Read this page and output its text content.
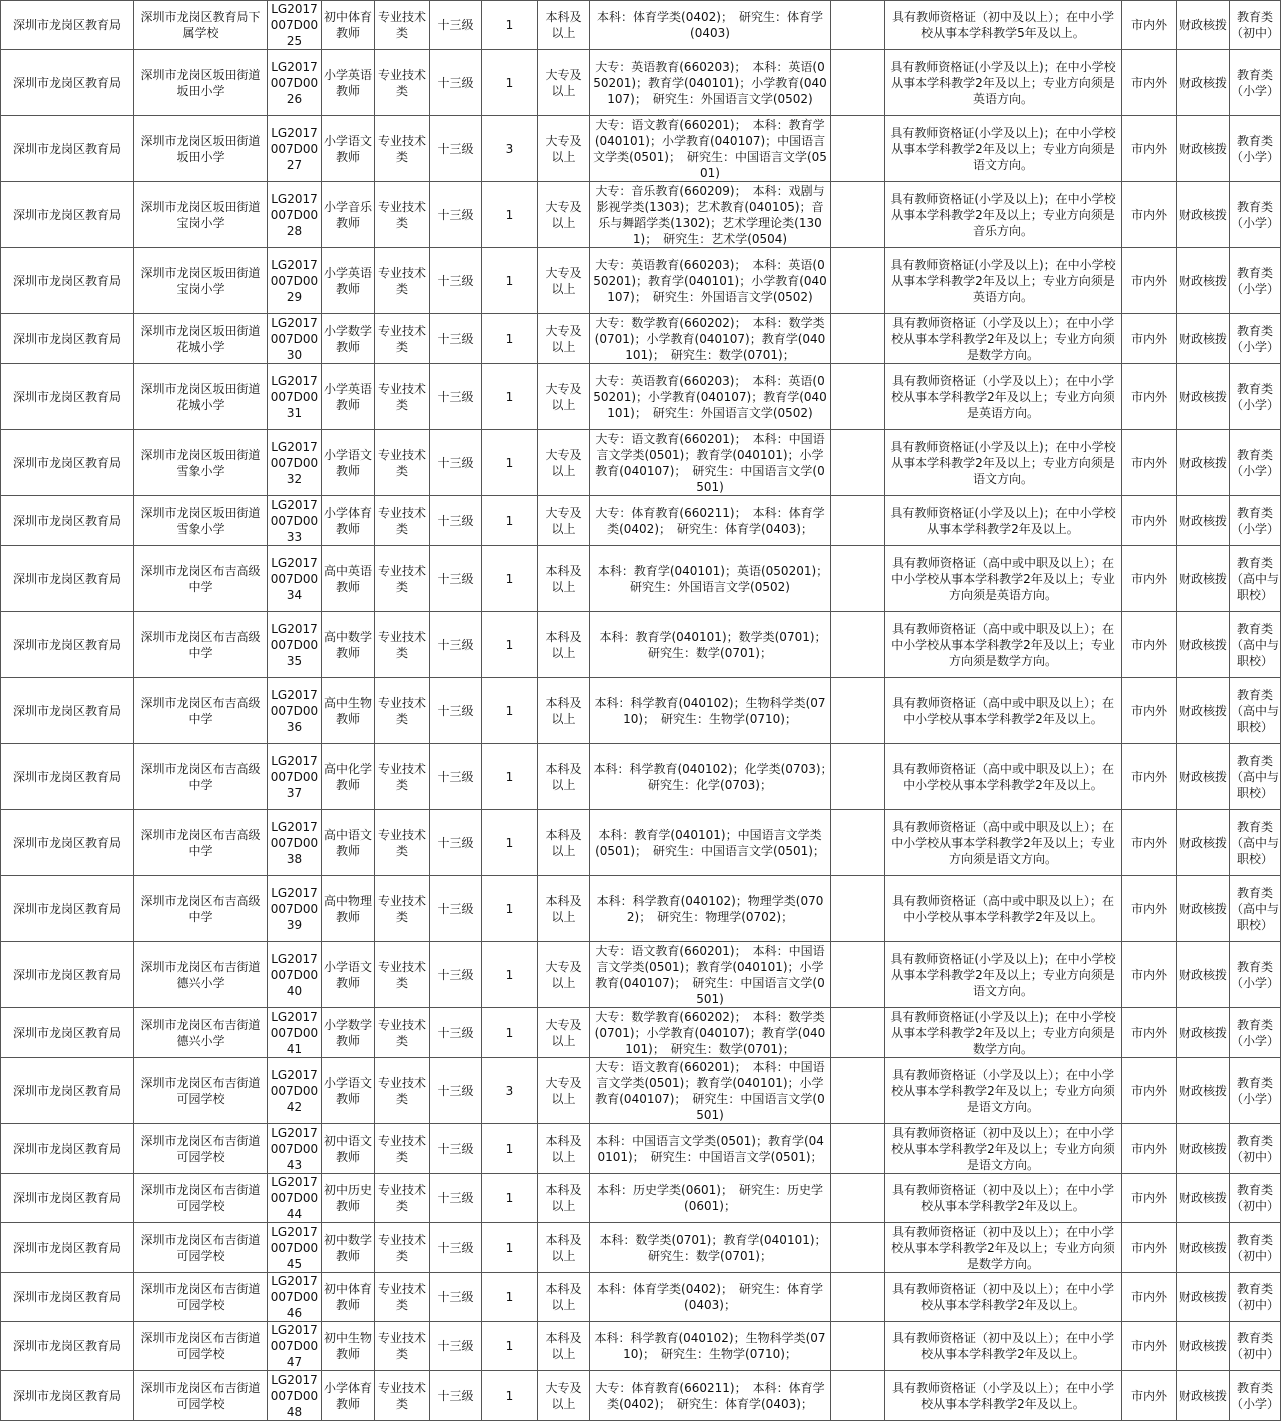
深圳市龙岗区教育局	深圳市龙岗区教育局下属学校	LG2017007D0025	初中体育教师	专业技术类	十三级	1	本科及以上	本科：体育学类(0402)；　研究生：体育学(0403)		具有教师资格证（初中及以上）；在中小学校从事本学科教学5年及以上。	市内外	财政核拨	教育类（初中）
深圳市龙岗区教育局	深圳市龙岗区坂田街道坂田小学	LG2017007D0026	小学英语教师	专业技术类	十三级	1	大专及以上	大专：英语教育(660203)；　本科：英语(050201)；教育学(040101)；小学教育(040107)；　研究生：外国语言文学(0502)		具有教师资格证(小学及以上)；在中小学校从事本学科教学2年及以上；专业方向须是英语方向。	市内外	财政核拨	教育类（小学）
深圳市龙岗区教育局	深圳市龙岗区坂田街道坂田小学	LG2017007D0027	小学语文教师	专业技术类	十三级	3	大专及以上	大专：语文教育(660201)；　本科：教育学(040101)；小学教育(040107)；中国语言文学类(0501)；　研究生：中国语言文学(0501)		具有教师资格证(小学及以上)；在中小学校从事本学科教学2年及以上；专业方向须是语文方向。	市内外	财政核拨	教育类（小学）
深圳市龙岗区教育局	深圳市龙岗区坂田街道宝岗小学	LG2017007D0028	小学音乐教师	专业技术类	十三级	1	大专及以上	大专：音乐教育(660209)；　本科：戏剧与影视学类(1303)；艺术教育(040105)；音乐与舞蹈学类(1302)；艺术学理论类(1301)；　研究生：艺术学(0504)		具有教师资格证(小学及以上)；在中小学校从事本学科教学2年及以上；专业方向须是音乐方向。	市内外	财政核拨	教育类（小学）
深圳市龙岗区教育局	深圳市龙岗区坂田街道宝岗小学	LG2017007D0029	小学英语教师	专业技术类	十三级	1	大专及以上	大专：英语教育(660203)；　本科：英语(050201)；教育学(040101)；小学教育(040107)；　研究生：外国语言文学(0502)		具有教师资格证(小学及以上)；在中小学校从事本学科教学2年及以上；专业方向须是英语方向。	市内外	财政核拨	教育类（小学）
深圳市龙岗区教育局	深圳市龙岗区坂田街道花城小学	LG2017007D0030	小学数学教师	专业技术类	十三级	1	大专及以上	大专：数学教育(660202)；　本科：数学类(0701)；小学教育(040107)；教育学(040101)；　研究生：数学(0701)；		具有教师资格证（小学及以上）；在中小学校从事本学科教学2年及以上；专业方向须是数学方向。	市内外	财政核拨	教育类（小学）
深圳市龙岗区教育局	深圳市龙岗区坂田街道花城小学	LG2017007D0031	小学英语教师	专业技术类	十三级	1	大专及以上	大专：英语教育(660203)；　本科：英语(050201)；小学教育(040107)；教育学(040101)；　研究生：外国语言文学(0502)		具有教师资格证（小学及以上）；在中小学校从事本学科教学2年及以上；专业方向须是英语方向。	市内外	财政核拨	教育类（小学）
深圳市龙岗区教育局	深圳市龙岗区坂田街道雪象小学	LG2017007D0032	小学语文教师	专业技术类	十三级	1	大专及以上	大专：语文教育(660201)；　本科：中国语言文学类(0501)；教育学(040101)；小学教育(040107)；　研究生：中国语言文学(0501)		具有教师资格证(小学及以上)；在中小学校从事本学科教学2年及以上；专业方向须是语文方向。	市内外	财政核拨	教育类（小学）
深圳市龙岗区教育局	深圳市龙岗区坂田街道雪象小学	LG2017007D0033	小学体育教师	专业技术类	十三级	1	大专及以上	大专：体育教育(660211)；　本科：体育学类(0402)；　研究生：体育学(0403)；		具有教师资格证(小学及以上)；在中小学校从事本学科教学2年及以上。	市内外	财政核拨	教育类（小学）
深圳市龙岗区教育局	深圳市龙岗区布吉高级中学	LG2017007D0034	高中英语教师	专业技术类	十三级	1	本科及以上	本科：教育学(040101)；英语(050201)；　研究生：外国语言文学(0502)		具有教师资格证（高中或中职及以上）；在中小学校从事本学科教学2年及以上；专业方向须是英语方向。	市内外	财政核拨	教育类（高中与职校）
深圳市龙岗区教育局	深圳市龙岗区布吉高级中学	LG2017007D0035	高中数学教师	专业技术类	十三级	1	本科及以上	本科：教育学(040101)；数学类(0701)；　研究生：数学(0701)；		具有教师资格证（高中或中职及以上）；在中小学校从事本学科教学2年及以上；专业方向须是数学方向。	市内外	财政核拨	教育类（高中与职校）
深圳市龙岗区教育局	深圳市龙岗区布吉高级中学	LG2017007D0036	高中生物教师	专业技术类	十三级	1	本科及以上	本科：科学教育(040102)；生物科学类(0710)；　研究生：生物学(0710)；		具有教师资格证（高中或中职及以上）；在中小学校从事本学科教学2年及以上。	市内外	财政核拨	教育类（高中与职校）
深圳市龙岗区教育局	深圳市龙岗区布吉高级中学	LG2017007D0037	高中化学教师	专业技术类	十三级	1	本科及以上	本科：科学教育(040102)；化学类(0703)；　研究生：化学(0703)；		具有教师资格证（高中或中职及以上）；在中小学校从事本学科教学2年及以上。	市内外	财政核拨	教育类（高中与职校）
深圳市龙岗区教育局	深圳市龙岗区布吉高级中学	LG2017007D0038	高中语文教师	专业技术类	十三级	1	本科及以上	本科：教育学(040101)；中国语言文学类(0501)；　研究生：中国语言文学(0501)；		具有教师资格证（高中或中职及以上）；在中小学校从事本学科教学2年及以上；专业方向须是语文方向。	市内外	财政核拨	教育类（高中与职校）
深圳市龙岗区教育局	深圳市龙岗区布吉高级中学	LG2017007D0039	高中物理教师	专业技术类	十三级	1	本科及以上	本科：科学教育(040102)；物理学类(0702)；　研究生：物理学(0702)；		具有教师资格证（高中或中职及以上）；在中小学校从事本学科教学2年及以上。	市内外	财政核拨	教育类（高中与职校）
深圳市龙岗区教育局	深圳市龙岗区布吉街道德兴小学	LG2017007D0040	小学语文教师	专业技术类	十三级	1	大专及以上	大专：语文教育(660201)；　本科：中国语言文学类(0501)；教育学(040101)；小学教育(040107)；　研究生：中国语言文学(0501)		具有教师资格证(小学及以上)；在中小学校从事本学科教学2年及以上；专业方向须是语文方向。	市内外	财政核拨	教育类（小学）
深圳市龙岗区教育局	深圳市龙岗区布吉街道德兴小学	LG2017007D0041	小学数学教师	专业技术类	十三级	1	大专及以上	大专：数学教育(660202)；　本科：数学类(0701)；小学教育(040107)；教育学(040101)；　研究生：数学(0701)；		具有教师资格证(小学及以上)；在中小学校从事本学科教学2年及以上；专业方向须是数学方向。	市内外	财政核拨	教育类（小学）
深圳市龙岗区教育局	深圳市龙岗区布吉街道可园学校	LG2017007D0042	小学语文教师	专业技术类	十三级	3	大专及以上	大专：语文教育(660201)；　本科：中国语言文学类(0501)；教育学(040101)；小学教育(040107)；　研究生：中国语言文学(0501)		具有教师资格证（小学及以上）；在中小学校从事本学科教学2年及以上；专业方向须是语文方向。	市内外	财政核拨	教育类（小学）
深圳市龙岗区教育局	深圳市龙岗区布吉街道可园学校	LG2017007D0043	初中语文教师	专业技术类	十三级	1	本科及以上	本科：中国语言文学类(0501)；教育学(040101)；　研究生：中国语言文学(0501)；		具有教师资格证（初中及以上）；在中小学校从事本学科教学2年及以上；专业方向须是语文方向。	市内外	财政核拨	教育类（初中）
深圳市龙岗区教育局	深圳市龙岗区布吉街道可园学校	LG2017007D0044	初中历史教师	专业技术类	十三级	1	本科及以上	本科：历史学类(0601)；　研究生：历史学(0601)；		具有教师资格证（初中及以上）；在中小学校从事本学科教学2年及以上。	市内外	财政核拨	教育类（初中）
深圳市龙岗区教育局	深圳市龙岗区布吉街道可园学校	LG2017007D0045	初中数学教师	专业技术类	十三级	1	本科及以上	本科：数学类(0701)；教育学(040101)；　研究生：数学(0701)；		具有教师资格证（初中及以上）；在中小学校从事本学科教学2年及以上；专业方向须是数学方向。	市内外	财政核拨	教育类（初中）
深圳市龙岗区教育局	深圳市龙岗区布吉街道可园学校	LG2017007D0046	初中体育教师	专业技术类	十三级	1	本科及以上	本科：体育学类(0402)；　研究生：体育学(0403)；		具有教师资格证（初中及以上）；在中小学校从事本学科教学2年及以上。	市内外	财政核拨	教育类（初中）
深圳市龙岗区教育局	深圳市龙岗区布吉街道可园学校	LG2017007D0047	初中生物教师	专业技术类	十三级	1	本科及以上	本科：科学教育(040102)；生物科学类(0710)；　研究生：生物学(0710)；		具有教师资格证（初中及以上）；在中小学校从事本学科教学2年及以上。	市内外	财政核拨	教育类（初中）
深圳市龙岗区教育局	深圳市龙岗区布吉街道可园学校	LG2017007D0048	小学体育教师	专业技术类	十三级	1	大专及以上	大专：体育教育(660211)；　本科：体育学类(0402)；　研究生：体育学(0403)；		具有教师资格证（小学及以上）；在中小学校从事本学科教学2年及以上。	市内外	财政核拨	教育类（小学）
